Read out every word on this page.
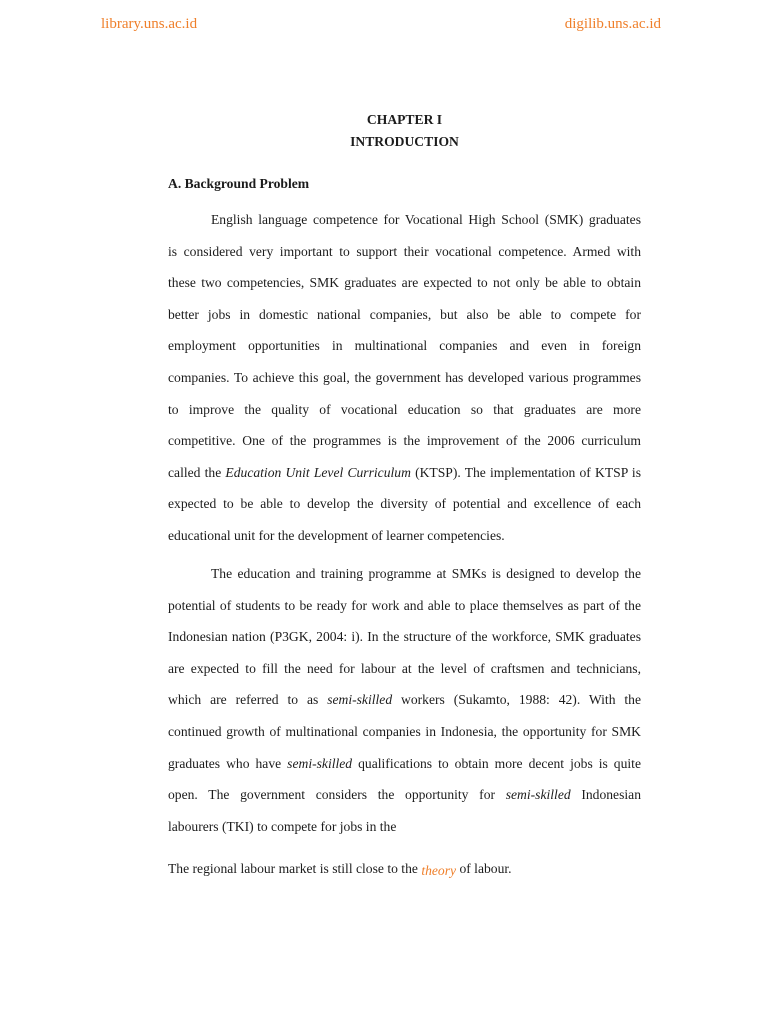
library.uns.ac.id	digilib.uns.ac.id
CHAPTER I
INTRODUCTION
A. Background Problem
English language competence for Vocational High School (SMK) graduates
is considered very important to support their vocational competence. Armed with
these two competencies, SMK graduates are expected to not only be able to obtain
better jobs in domestic national companies, but also be able to compete for
employment opportunities in multinational companies and even in foreign
companies. To achieve this goal, the government has developed various programmes
to improve the quality of vocational education so that graduates are more
competitive. One of the programmes is the improvement of the 2006 curriculum
called the Education Unit Level Curriculum (KTSP). The implementation of KTSP is
expected to be able to develop the diversity of potential and excellence of each
educational unit for the development of learner competencies.
The education and training programme at SMKs is designed to develop the
potential of students to be ready for work and able to place themselves as part of the
Indonesian nation (P3GK, 2004: i). In the structure of the workforce, SMK graduates
are expected to fill the need for labour at the level of craftsmen and technicians,
which are referred to as semi-skilled workers (Sukamto, 1988: 42). With the
continued growth of multinational companies in Indonesia, the opportunity for SMK
graduates who have semi-skilled qualifications to obtain more decent jobs is quite
open. The government considers the opportunity for semi-skilled Indonesian
labourers (TKI) to compete for jobs in the
The regional labour market is still close to the theory of labour.
